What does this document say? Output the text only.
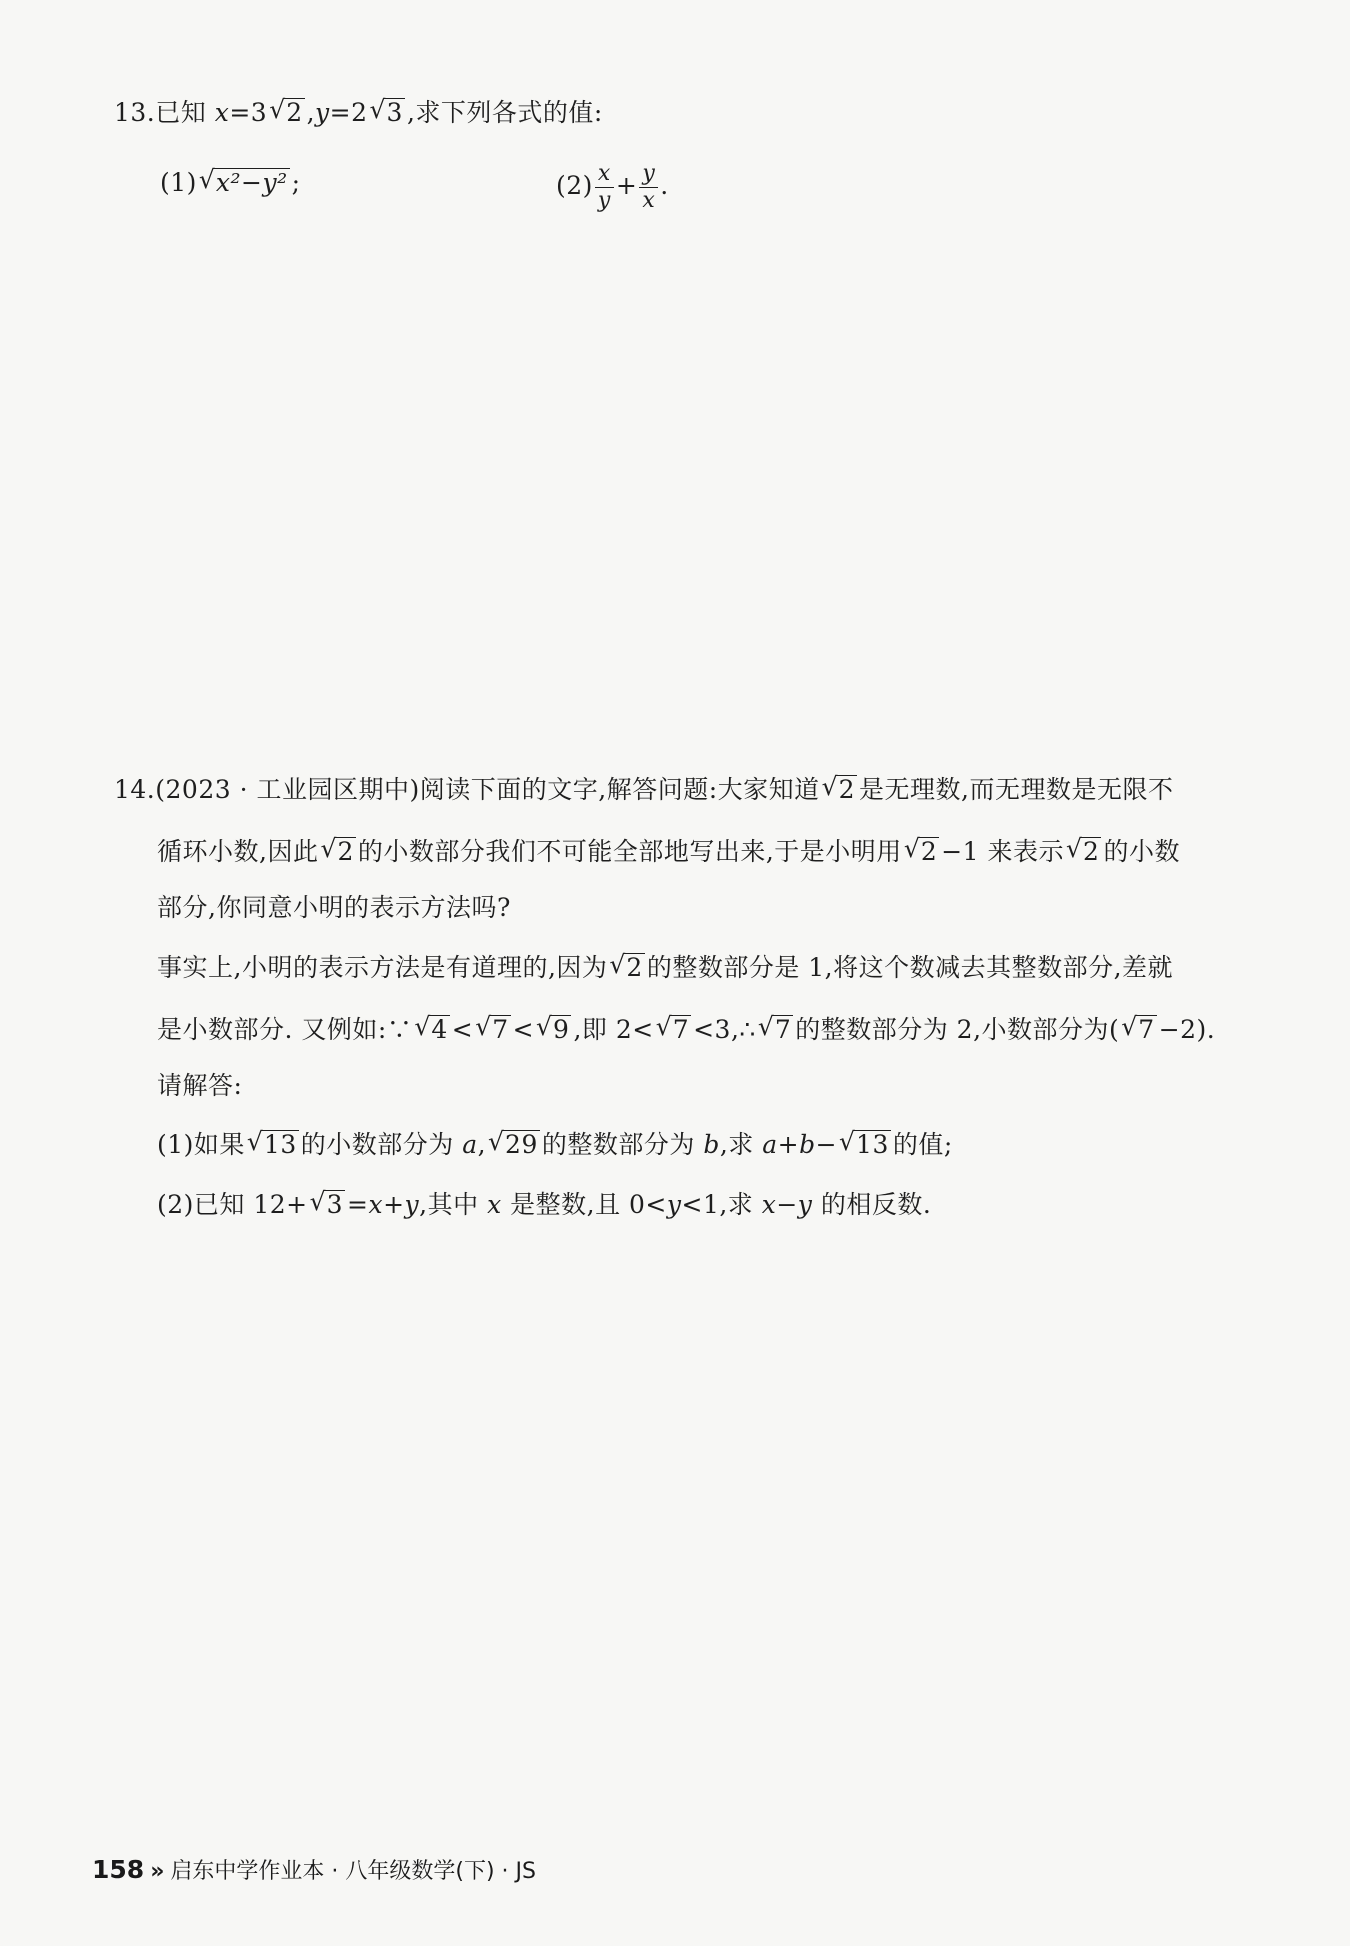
13.已知 x=3 √ 2 ,y=2 √ 3 ,求下列各式的值:
(1) √ x²−y² ;	$(2) \frac{x}{y} + \frac{y}{x}$ .
14.(2023 · 工业园区期中)阅读下面的文字,解答问题:大家知道 √ 2 是无理数,而无理数是无限不
循环小数,因此 √ 2 的小数部分我们不可能全部地写出来,于是小明用 √ 2 −1 来表示 √ 2 的小数
部分,你同意小明的表示方法吗?
事实上,小明的表示方法是有道理的,因为 √ 2 的整数部分是 1,将这个数减去其整数部分,差就
是小数部分. 又例如:∵ √ 4 < √ 7 < √ 9 ,即 2< √ 7 <3,∴ √ 7 的整数部分为 2,小数部分为( √ 7 −2).
请解答:
(1)如果 √ 13 的小数部分为 a, √ 29 的整数部分为 b,求 a+b− √ 13 的值;
(2)已知 12+ √ 3 =x+y,其中 x 是整数,且 0<y<1,求 x−y 的相反数.
158 » 启东中学作业本 · 八年级数学(下) · JS
